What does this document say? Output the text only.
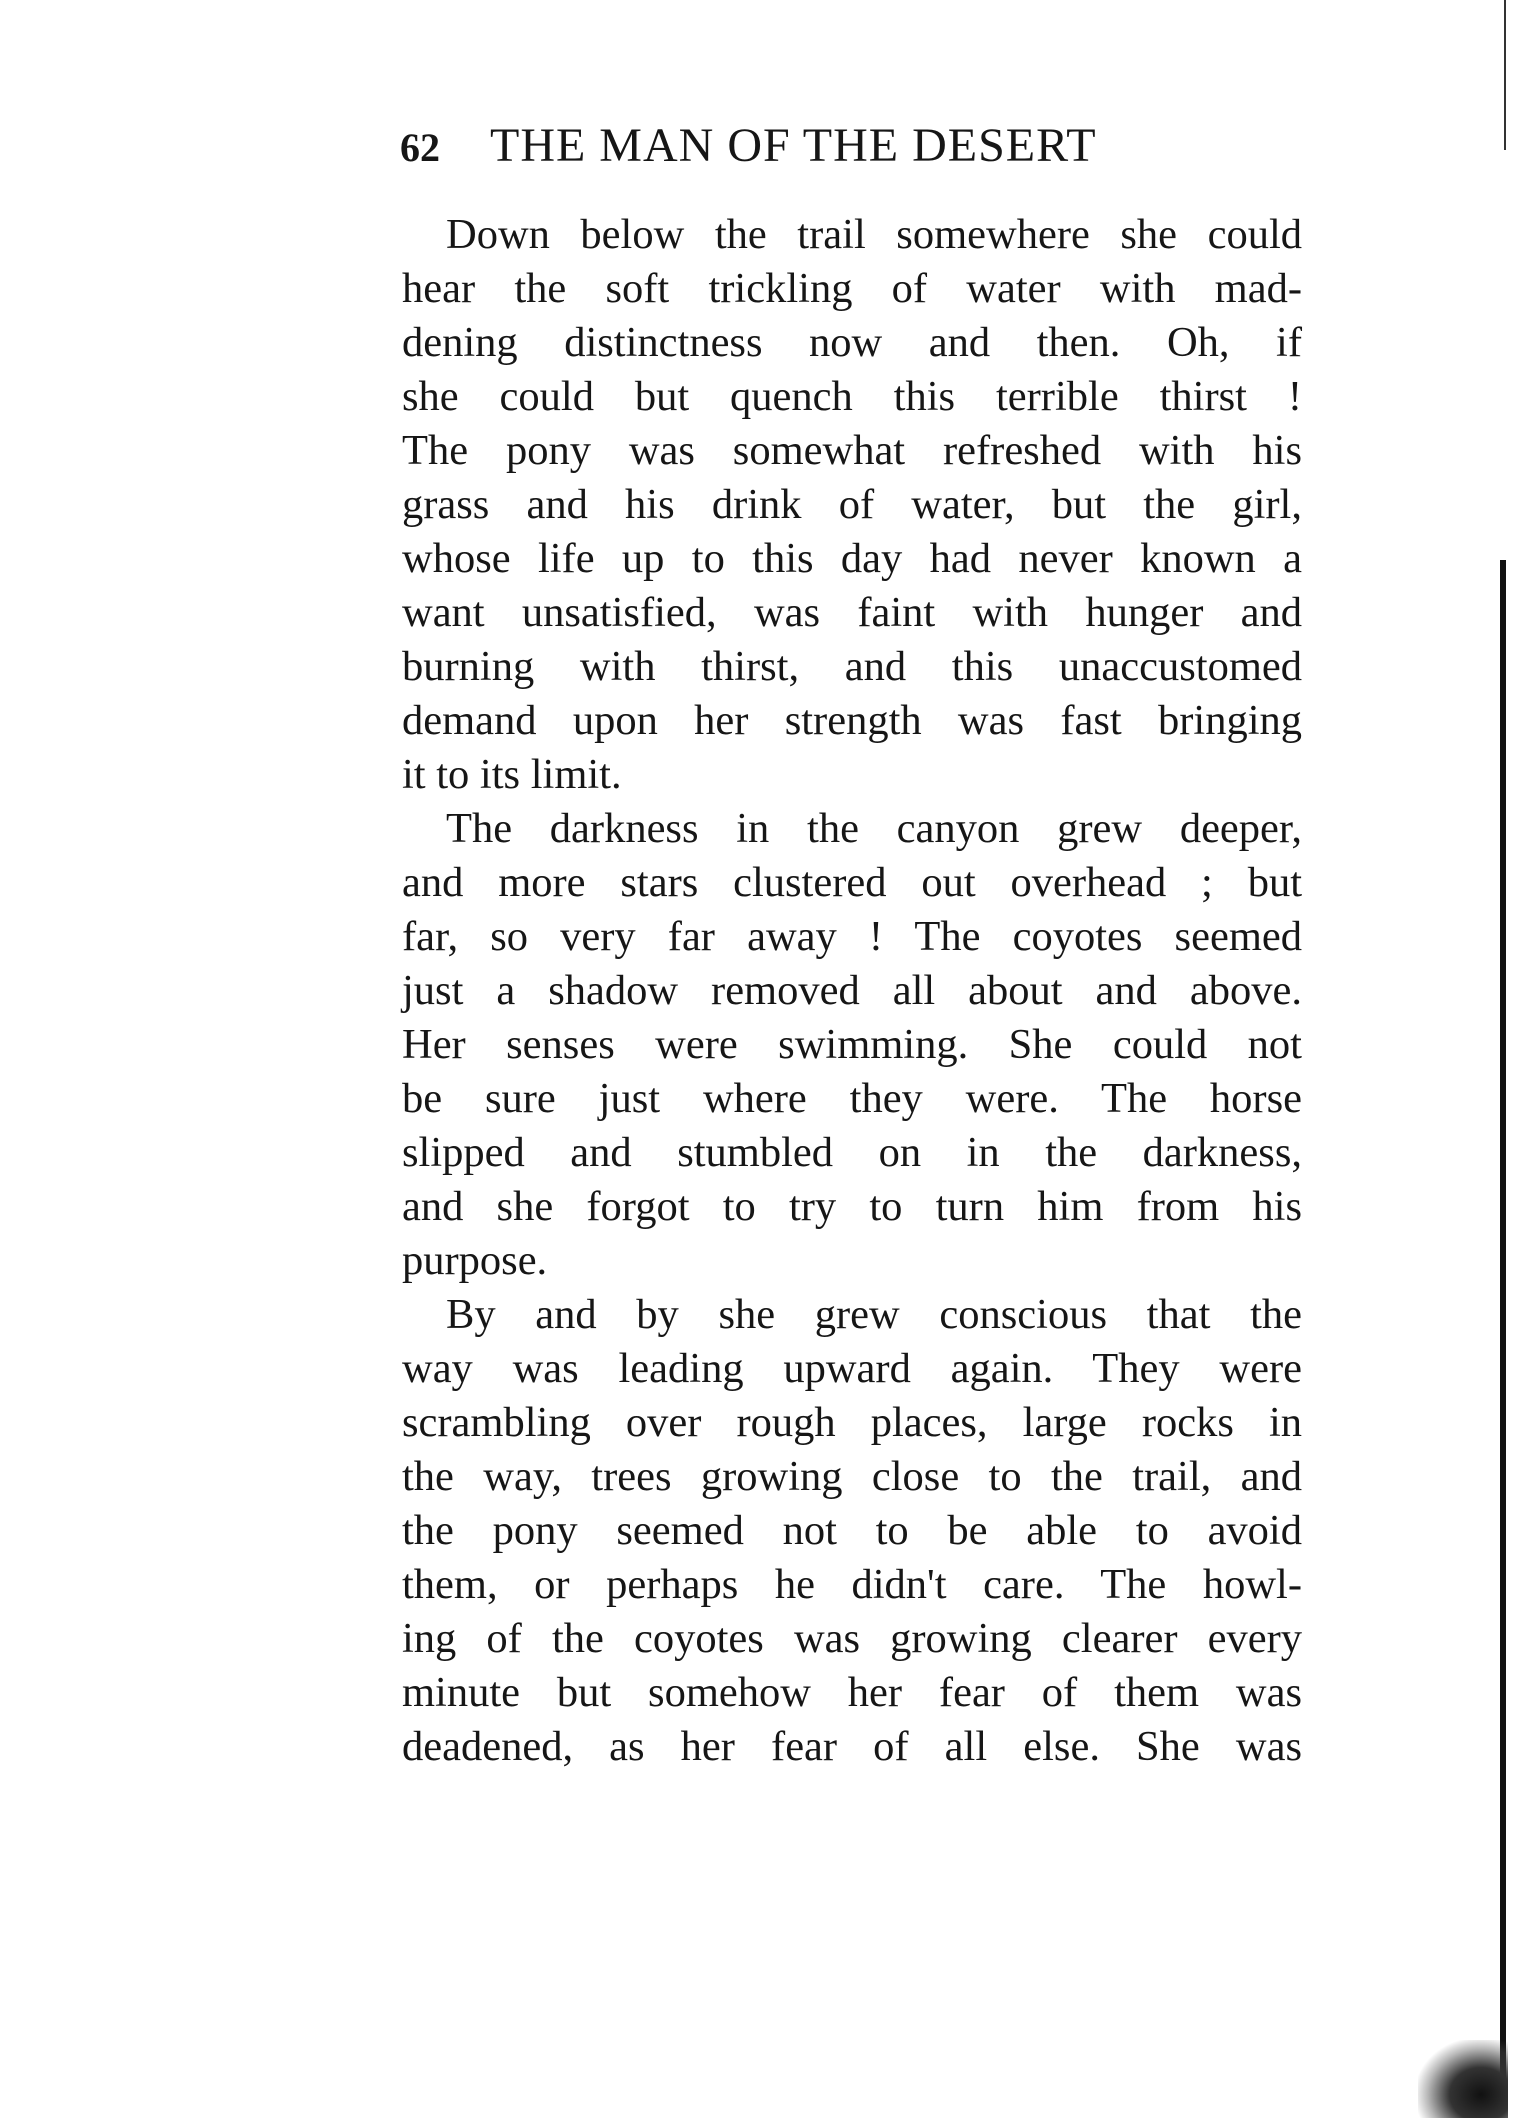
62 THE MAN OF THE DESERT
Down below the trail somewhere she could
hear the soft trickling of water with mad-
dening distinctness now and then. Oh, if
she could but quench this terrible thirst !
The pony was somewhat refreshed with his
grass and his drink of water, but the girl,
whose life up to this day had never known a
want unsatisfied, was faint with hunger and
burning with thirst, and this unaccustomed
demand upon her strength was fast bringing
it to its limit.
The darkness in the canyon grew deeper,
and more stars clustered out overhead ; but
far, so very far away ! The coyotes seemed
just a shadow removed all about and above.
Her senses were swimming. She could not
be sure just where they were. The horse
slipped and stumbled on in the darkness,
and she forgot to try to turn him from his
purpose.
By and by she grew conscious that the
way was leading upward again. They were
scrambling over rough places, large rocks in
the way, trees growing close to the trail, and
the pony seemed not to be able to avoid
them, or perhaps he didn't care. The howl-
ing of the coyotes was growing clearer every
minute but somehow her fear of them was
deadened, as her fear of all else. She was
